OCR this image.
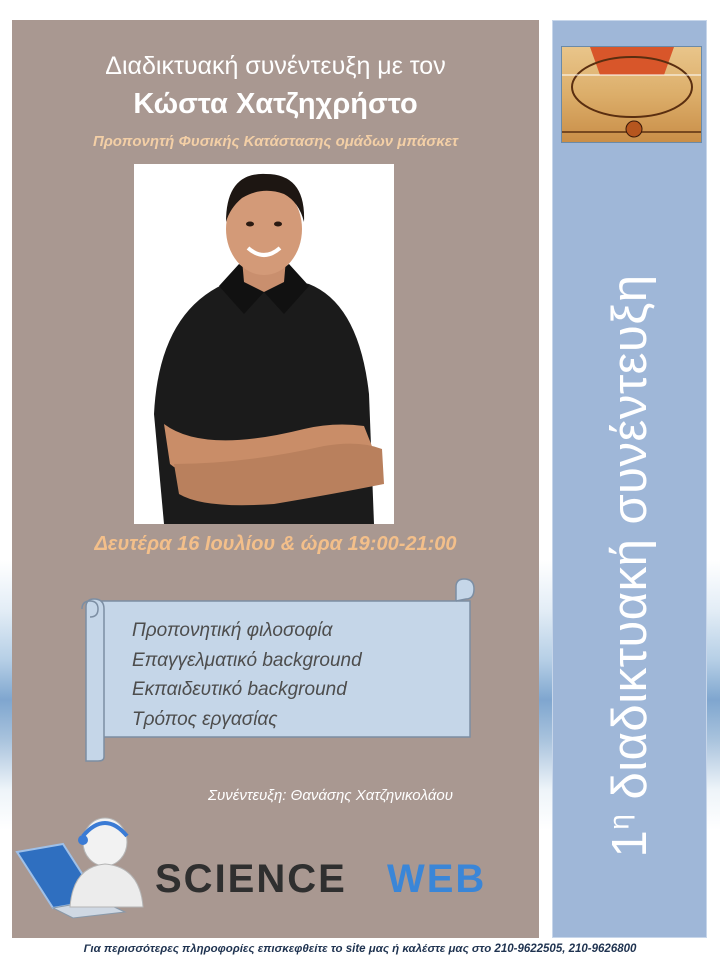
Διαδικτυακή συνέντευξη με τον
Κώστα Χατζηχρήστο
Προπονητή Φυσικής Κατάστασης ομάδων μπάσκετ
Δευτέρα 16 Ιουλίου & ώρα 19:00-21:00
Προπονητική φιλοσοφία
Επαγγελματικό background
Εκπαιδευτικό background
Τρόπος εργασίας
Συνέντευξη: Θανάσης Χατζηνικολάου
SCIENCE WEB
$1^\eta$ διαδικτυακή συνέντευξη
Για περισσότερες πληροφορίες επισκεφθείτε το site μας ή καλέστε μας στο 210-9622505, 210-9626800
